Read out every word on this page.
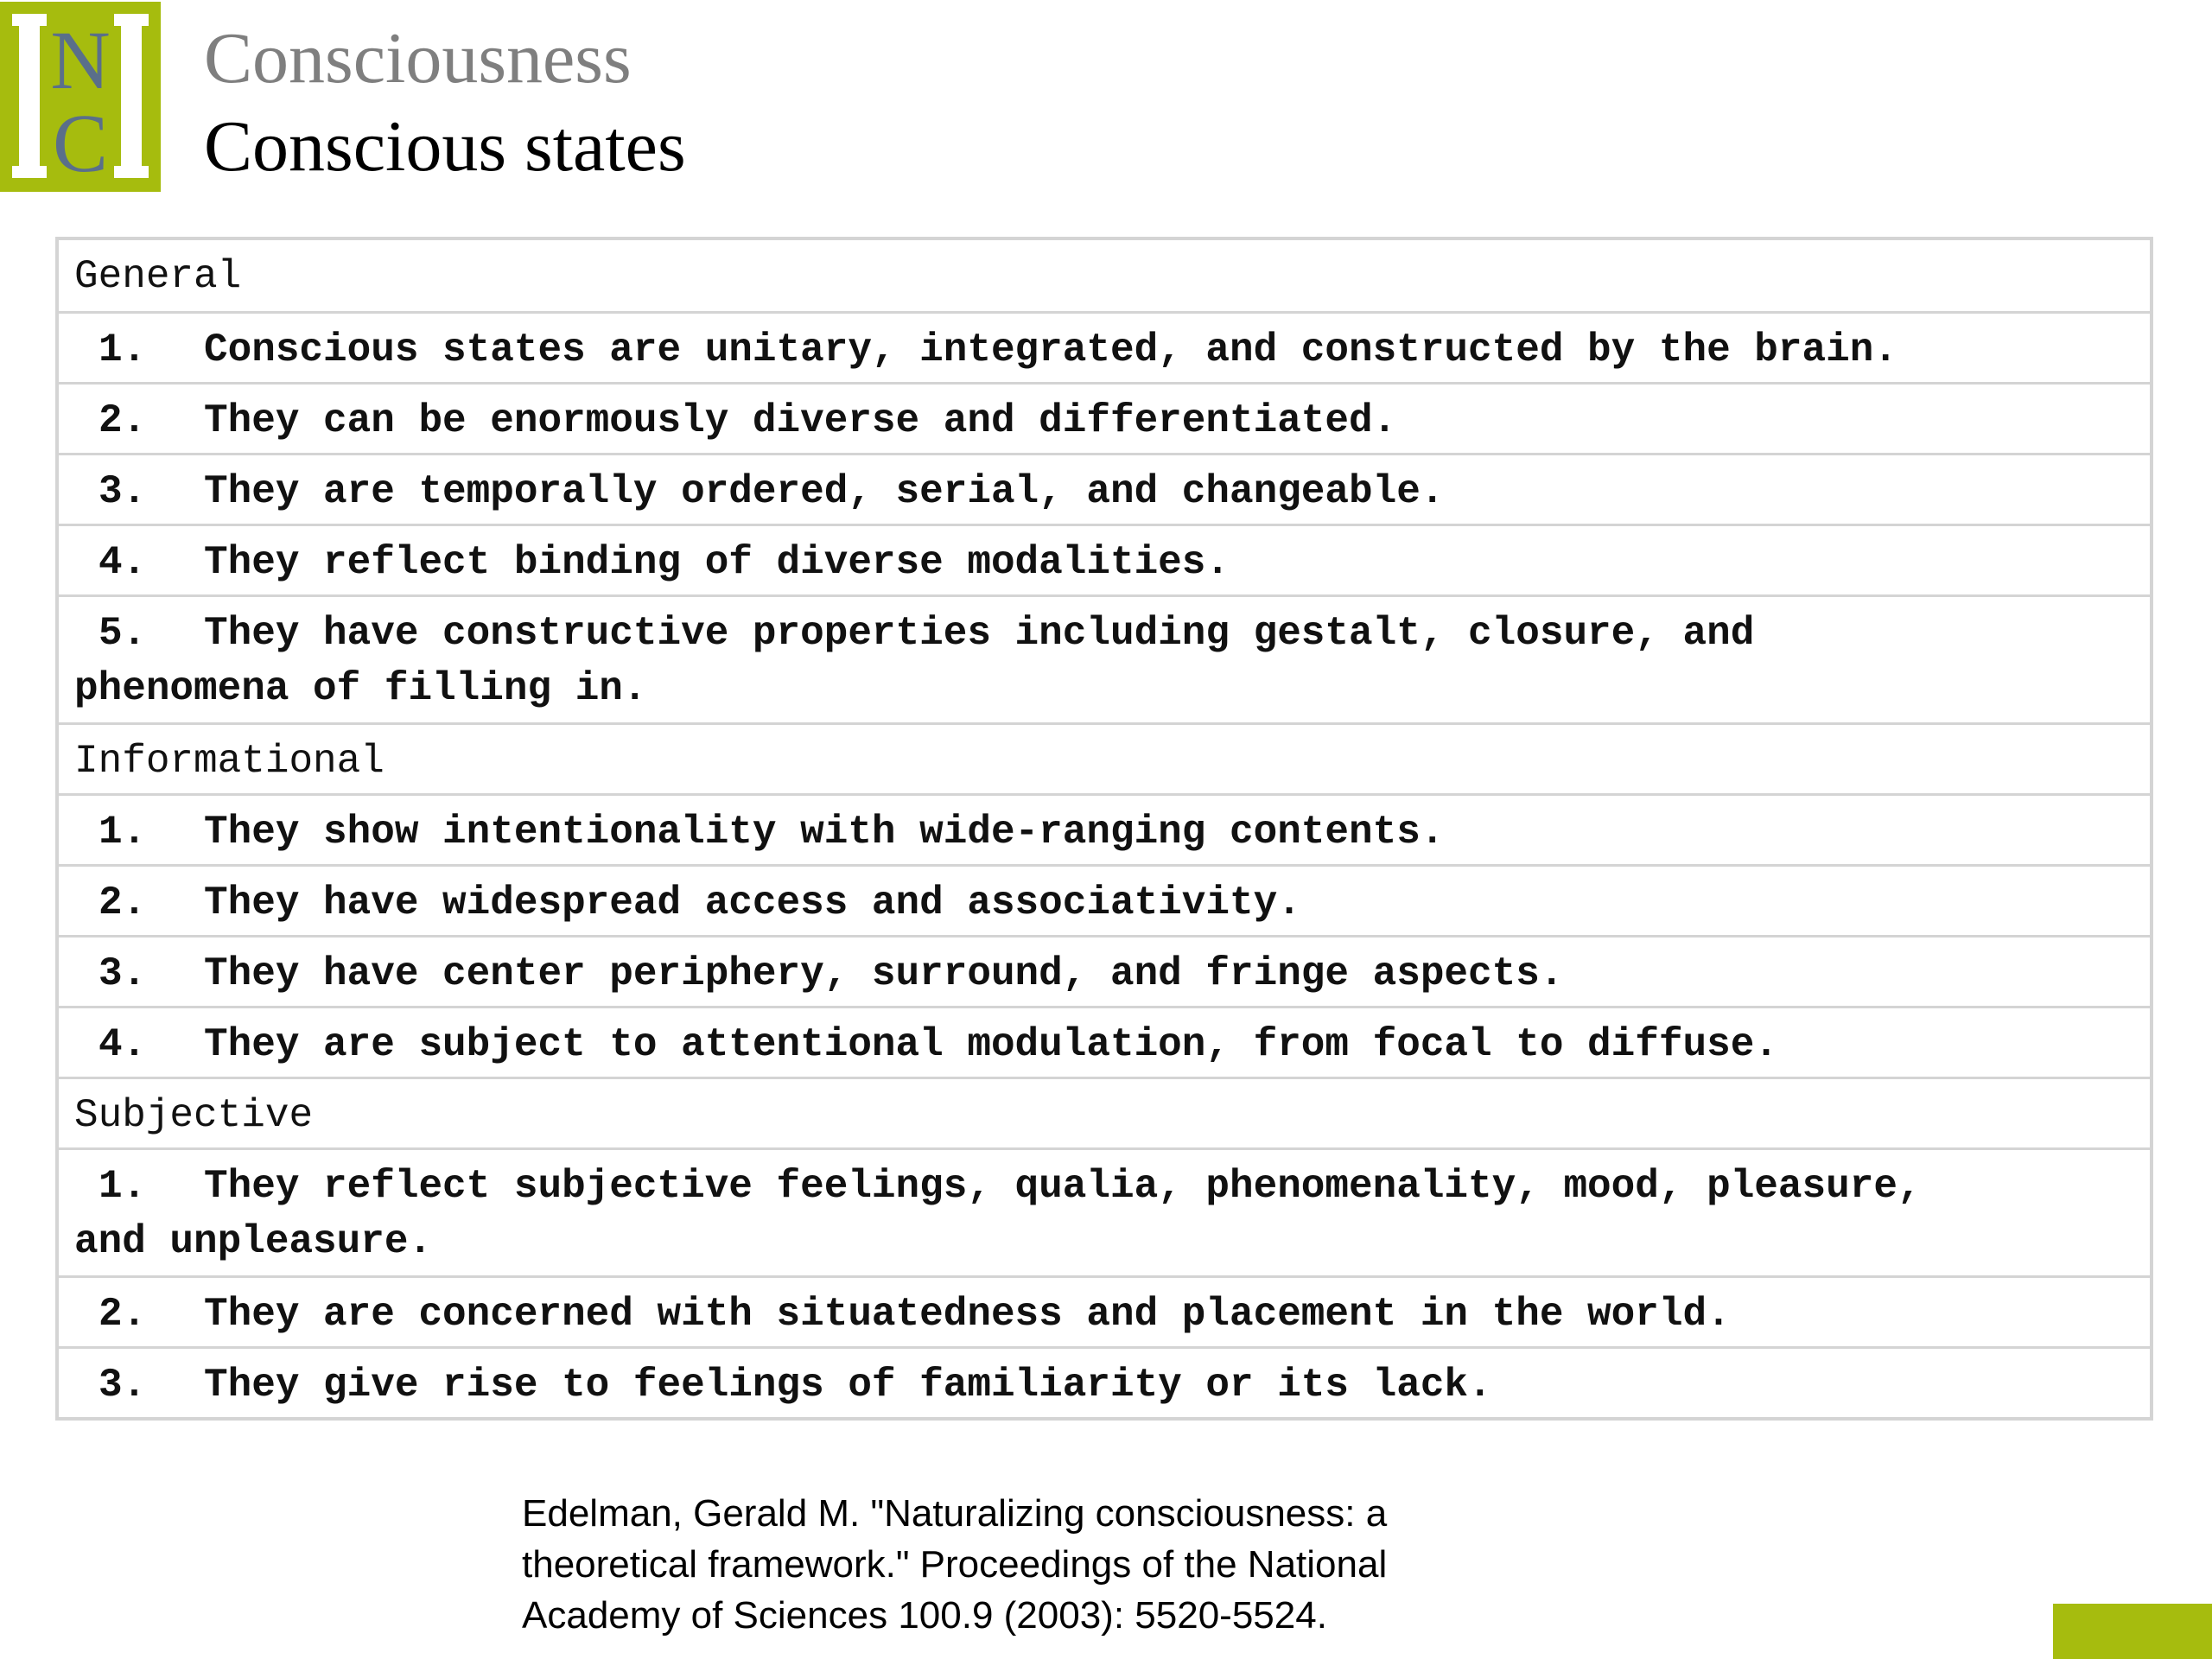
N
C
Consciousness
Conscious states
General
1. Conscious states are unitary, integrated, and constructed by the brain.
2. They can be enormously diverse and differentiated.
3. They are temporally ordered, serial, and changeable.
4. They reflect binding of diverse modalities.
5. They have constructive properties including gestalt, closure, and
phenomena of filling in.
Informational
1. They show intentionality with wide-ranging contents.
2. They have widespread access and associativity.
3. They have center periphery, surround, and fringe aspects.
4. They are subject to attentional modulation, from focal to diffuse.
Subjective
1. They reflect subjective feelings, qualia, phenomenality, mood, pleasure,
and unpleasure.
2. They are concerned with situatedness and placement in the world.
3. They give rise to feelings of familiarity or its lack.
Edelman, Gerald M. "Naturalizing consciousness: a
theoretical framework." Proceedings of the National
Academy of Sciences 100.9 (2003): 5520-5524.
